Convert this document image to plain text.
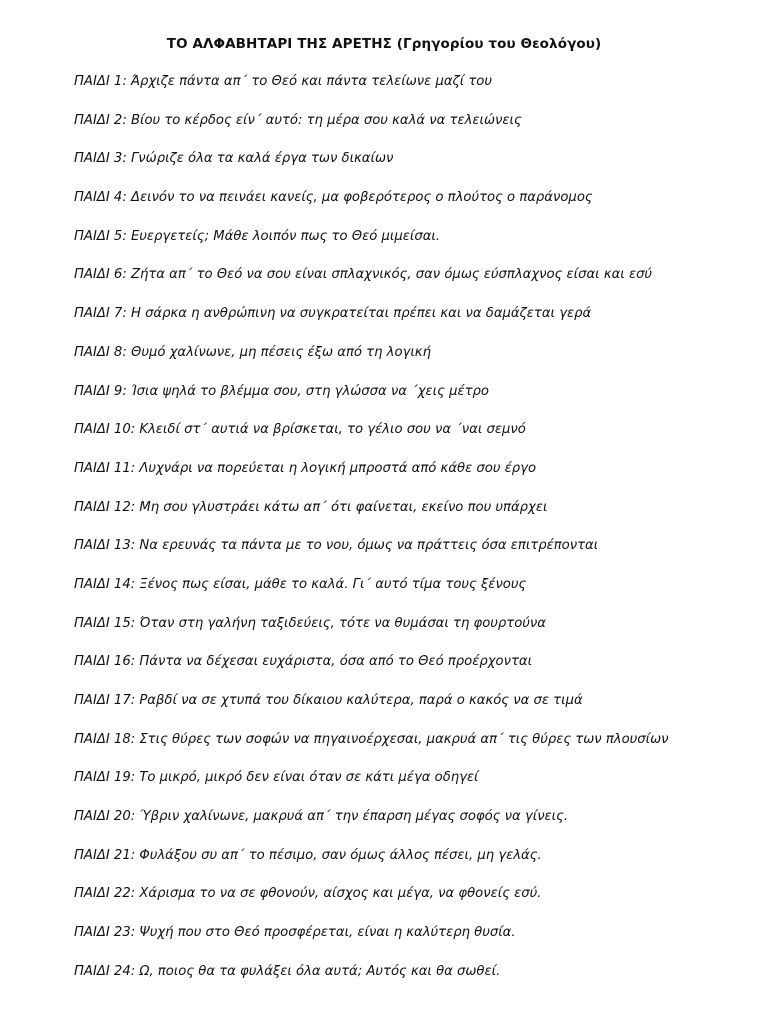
ΤΟ ΑΛΦΑΒΗΤΑΡΙ ΤΗΣ ΑΡΕΤΗΣ (Γρηγορίου του Θεολόγου)
ΠΑΙΔΙ 1: Άρχιζε πάντα απ΄ το Θεό και πάντα τελείωνε μαζί του
ΠΑΙΔΙ 2: Βίου το κέρδος είν΄ αυτό: τη μέρα σου καλά να τελειώνεις
ΠΑΙΔΙ 3: Γνώριζε όλα τα καλά έργα των δικαίων
ΠΑΙΔΙ 4: Δεινόν το να πεινάει κανείς, μα φοβερότερος ο πλούτος ο παράνομος
ΠΑΙΔΙ 5: Ευεργετείς; Μάθε λοιπόν πως το Θεό μιμείσαι.
ΠΑΙΔΙ 6: Ζήτα απ΄ το Θεό να σου είναι σπλαχνικός, σαν όμως εύσπλαχνος είσαι και εσύ
ΠΑΙΔΙ 7: Η σάρκα η ανθρώπινη να συγκρατείται πρέπει και να δαμάζεται γερά
ΠΑΙΔΙ 8: Θυμό χαλίνωνε, μη πέσεις έξω από τη λογική
ΠΑΙΔΙ 9: Ίσια ψηλά το βλέμμα σου, στη γλώσσα να ΄χεις μέτρο
ΠΑΙΔΙ 10: Κλειδί στ΄ αυτιά να βρίσκεται, το γέλιο σου να ΄ναι σεμνό
ΠΑΙΔΙ 11: Λυχνάρι να πορεύεται η λογική μπροστά από κάθε σου έργο
ΠΑΙΔΙ 12: Μη σου γλυστράει κάτω απ΄ ότι φαίνεται, εκείνο που υπάρχει
ΠΑΙΔΙ 13: Να ερευνάς τα πάντα με το νου, όμως να πράττεις όσα επιτρέπονται
ΠΑΙΔΙ 14: Ξένος πως είσαι, μάθε το καλά. Γι΄ αυτό τίμα τους ξένους
ΠΑΙΔΙ 15: Όταν στη γαλήνη ταξιδεύεις, τότε να θυμάσαι τη φουρτούνα
ΠΑΙΔΙ 16: Πάντα να δέχεσαι ευχάριστα, όσα από το Θεό προέρχονται
ΠΑΙΔΙ 17: Ραβδί να σε χτυπά του δίκαιου καλύτερα, παρά ο κακός να σε τιμά
ΠΑΙΔΙ 18: Στις θύρες των σοφών να πηγαινοέρχεσαι, μακρυά απ΄ τις θύρες των πλουσίων
ΠΑΙΔΙ 19: Το μικρό, μικρό δεν είναι όταν σε κάτι μέγα οδηγεί
ΠΑΙΔΙ 20: Ύβριν χαλίνωνε, μακρυά απ΄ την έπαρση μέγας σοφός να γίνεις.
ΠΑΙΔΙ 21: Φυλάξου συ απ΄ το πέσιμο, σαν όμως άλλος πέσει, μη γελάς.
ΠΑΙΔΙ 22: Χάρισμα το να σε φθονούν, αίσχος και μέγα, να φθονείς εσύ.
ΠΑΙΔΙ 23: Ψυχή που στο Θεό προσφέρεται, είναι η καλύτερη θυσία.
ΠΑΙΔΙ 24: Ω, ποιος θα τα φυλάξει όλα αυτά; Αυτός και θα σωθεί.
